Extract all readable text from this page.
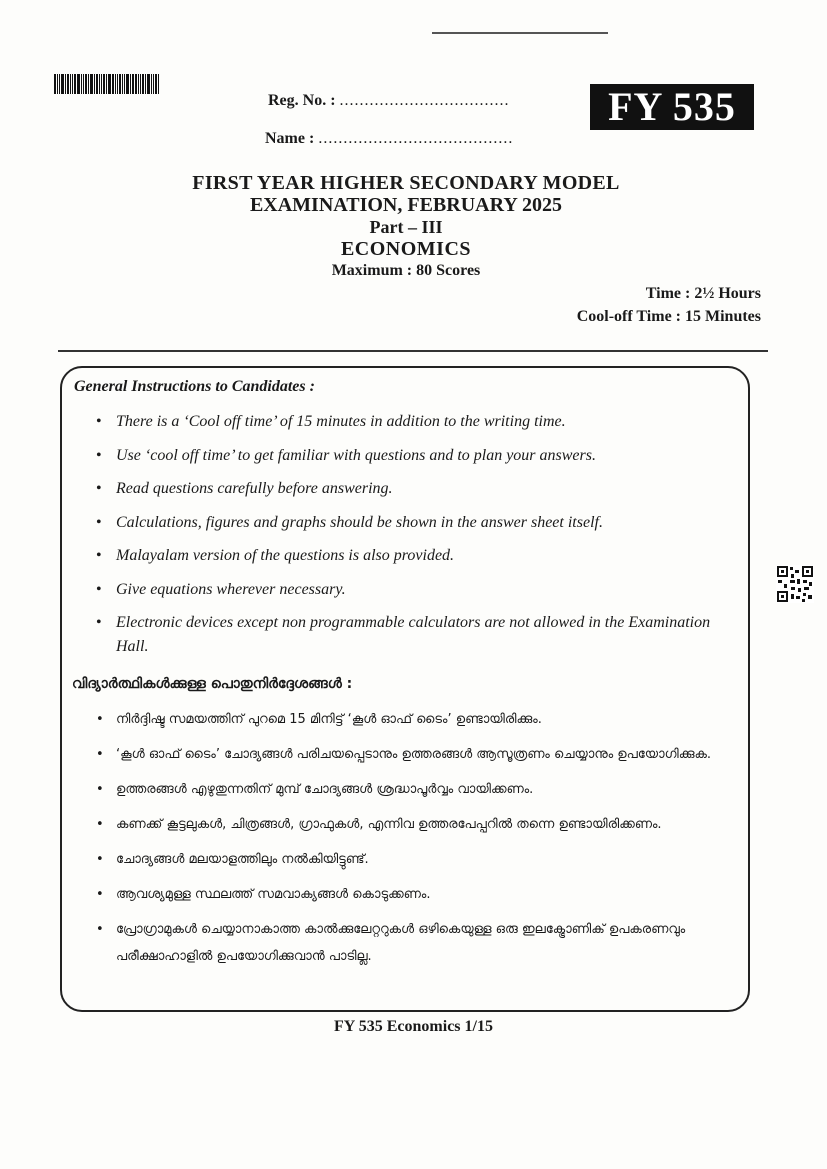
Reg. No. : ..................................
Name : .......................................
FY 535
FIRST YEAR HIGHER SECONDARY MODEL
EXAMINATION, FEBRUARY 2025
Part – III
ECONOMICS
Maximum : 80 Scores
Time : 2½ Hours
Cool-off Time : 15 Minutes
General Instructions to Candidates :
• There is a ‘Cool off time’ of 15 minutes in addition to the writing time.
• Use ‘cool off time’ to get familiar with questions and to plan your answers.
• Read questions carefully before answering.
• Calculations, figures and graphs should be shown in the answer sheet itself.
• Malayalam version of the questions is also provided.
• Give equations wherever necessary.
• Electronic devices except non programmable calculators are not allowed in the Examination Hall.
വിദ്യാർത്ഥികൾക്കുള്ള പൊതുനിർദ്ദേശങ്ങൾ :
• നിർദ്ദിഷ്ട സമയത്തിന് പുറമെ 15 മിനിട്ട് ‘കൂൾ ഓഫ് ടൈം’ ഉണ്ടായിരിക്കും.
• ‘കൂൾ ഓഫ് ടൈം’ ചോദ്യങ്ങൾ പരിചയപ്പെടാനും ഉത്തരങ്ങൾ ആസൂത്രണം ചെയ്യാനും ഉപയോഗിക്കുക.
• ഉത്തരങ്ങൾ എഴുതുന്നതിന് മുമ്പ് ചോദ്യങ്ങൾ ശ്രദ്ധാപൂർവ്വം വായിക്കണം.
• കണക്ക് കൂട്ടലുകൾ, ചിത്രങ്ങൾ, ഗ്രാഫുകൾ, എന്നിവ ഉത്തരപേപ്പറിൽ തന്നെ ഉണ്ടായിരിക്കണം.
• ചോദ്യങ്ങൾ മലയാളത്തിലും നൽകിയിട്ടുണ്ട്.
• ആവശ്യമുള്ള സ്ഥലത്ത് സമവാക്യങ്ങൾ കൊടുക്കണം.
• പ്രോഗ്രാമുകൾ ചെയ്യാനാകാത്ത കാൽക്കുലേറ്ററുകൾ ഒഴികെയുള്ള ഒരു ഇലക്ട്രോണിക് ഉപകരണവും പരീക്ഷാഹാളിൽ ഉപയോഗിക്കുവാൻ പാടില്ല.
FY 535 Economics 1/15
